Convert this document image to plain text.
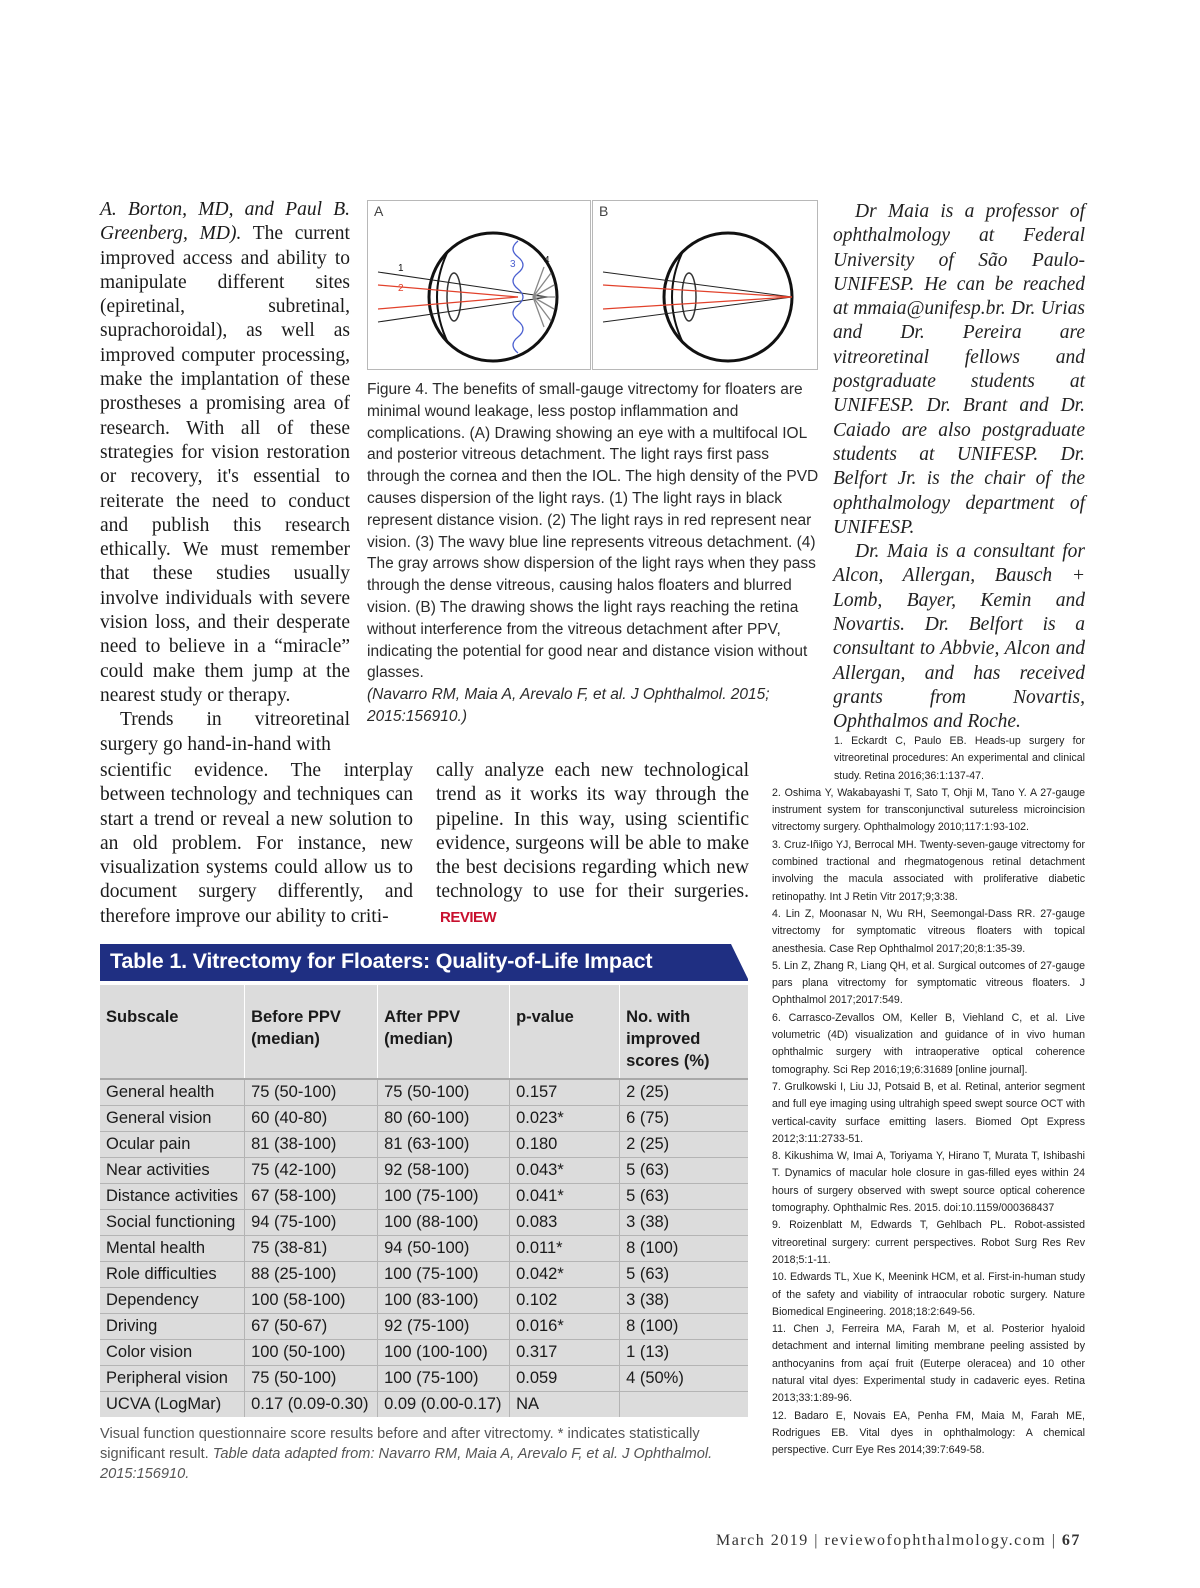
A. Borton, MD, and Paul B. Greenberg, MD). The current improved access and ability to manipulate different sites (epiretinal, subretinal, suprachoroidal), as well as improved computer processing, make the implantation of these prostheses a promising area of research. With all of these strategies for vision restoration or recovery, it's essential to reiterate the need to conduct and publish this research ethically. We must remember that these studies usually involve individuals with severe vision loss, and their desperate need to believe in a “miracle” could make them jump at the nearest study or therapy.

Trends in vitreoretinal surgery go hand-in-hand with

A
1
2
3	4
B
Figure 4. The benefits of small-gauge vitrectomy for floaters are minimal wound leakage, less postop inflammation and complications. (A) Drawing showing an eye with a multifocal IOL and posterior vitreous detachment. The light rays first pass through the cornea and then the IOL. The high density of the PVD causes dispersion of the light rays. (1) The light rays in black represent distance vision. (2) The light rays in red represent near vision. (3) The wavy blue line represents vitreous detachment. (4) The gray arrows show dispersion of the light rays when they pass through the dense vitreous, causing halos floaters and blurred vision. (B) The drawing shows the light rays reaching the retina without interference from the vitreous detachment after PPV, indicating the potential for good near and distance vision without glasses.
(Navarro RM, Maia A, Arevalo F, et al. J Ophthalmol. 2015; 2015:156910.)

Dr Maia is a professor of ophthalmology at Federal University of São Paulo-UNIFESP. He can be reached at mmaia@unifesp.br. Dr. Urias and Dr. Pereira are vitreoretinal fellows and postgraduate students at UNIFESP. Dr. Brant and Dr. Caiado are also postgraduate students at UNIFESP. Dr. Belfort Jr. is the chair of the ophthalmology department of UNIFESP.

Dr. Maia is a consultant for Alcon, Allergan, Bausch + Lomb, Bayer, Kemin and Novartis. Dr. Belfort is a consultant to Abbvie, Alcon and Allergan, and has received grants from Novartis, Ophthalmos and Roche.

1. Eckardt C, Paulo EB. Heads-up surgery for vitreoretinal procedures: An experimental and clinical study. Retina 2016;36:1:137-47.

2. Oshima Y, Wakabayashi T, Sato T, Ohji M, Tano Y. A 27-gauge instrument system for transconjunctival sutureless microincision vitrectomy surgery. Ophthalmology 2010;117:1:93-102.

3. Cruz-Iñigo YJ, Berrocal MH. Twenty-seven-gauge vitrectomy for combined tractional and rhegmatogenous retinal detachment involving the macula associated with proliferative diabetic retinopathy. Int J Retin Vitr 2017;9;3:38.

4. Lin Z, Moonasar N, Wu RH, Seemongal-Dass RR. 27-gauge vitrectomy for symptomatic vitreous floaters with topical anesthesia. Case Rep Ophthalmol 2017;20;8:1:35-39.

5. Lin Z, Zhang R, Liang QH, et al. Surgical outcomes of 27-gauge pars plana vitrectomy for symptomatic vitreous floaters. J Ophthalmol 2017;2017:549.

6. Carrasco-Zevallos OM, Keller B, Viehland C, et al. Live volumetric (4D) visualization and guidance of in vivo human ophthalmic surgery with intraoperative optical coherence tomography. Sci Rep 2016;19;6:31689 [online journal].

7. Grulkowski I, Liu JJ, Potsaid B, et al. Retinal, anterior segment and full eye imaging using ultrahigh speed swept source OCT with vertical-cavity surface emitting lasers. Biomed Opt Express 2012;3:11:2733-51.

8. Kikushima W, Imai A, Toriyama Y, Hirano T, Murata T, Ishibashi T. Dynamics of macular hole closure in gas-filled eyes within 24 hours of surgery observed with swept source optical coherence tomography. Ophthalmic Res. 2015. doi:10.1159/000368437

9. Roizenblatt M, Edwards T, Gehlbach PL. Robot-assisted vitreoretinal surgery: current perspectives. Robot Surg Res Rev 2018;5:1-11.

10. Edwards TL, Xue K, Meenink HCM, et al. First-in-human study of the safety and viability of intraocular robotic surgery. Nature Biomedical Engineering. 2018;18:2:649-56.

11. Chen J, Ferreira MA, Farah M, et al. Posterior hyaloid detachment and internal limiting membrane peeling assisted by anthocyanins from açaí fruit (Euterpe oleracea) and 10 other natural vital dyes: Experimental study in cadaveric eyes. Retina 2013;33:1:89-96.

12. Badaro E, Novais EA, Penha FM, Maia M, Farah ME, Rodrigues EB. Vital dyes in ophthalmology: A chemical perspective. Curr Eye Res 2014;39:7:649-58.

scientific evidence. The interplay between technology and techniques can start a trend or reveal a new solution to an old problem. For instance, new visualization systems could allow us to document surgery differently, and therefore improve our ability to criti-
cally analyze each new technological trend as it works its way through the pipeline. In this way, using scientific evidence, surgeons will be able to make the best decisions regarding which new technology to use for their surgeries. REVIEW
Table 1. Vitrectomy for Floaters: Quality-of-Life Impact
Subscale	Before PPV (median)	After PPV (median)	p-value	No. with improved scores (%)
General health	75 (50-100)	75 (50-100)	0.157	2 (25)
General vision	60 (40-80)	80 (60-100)	0.023*	6 (75)
Ocular pain	81 (38-100)	81 (63-100)	0.180	2 (25)
Near activities	75 (42-100)	92 (58-100)	0.043*	5 (63)
Distance activities	67 (58-100)	100 (75-100)	0.041*	5 (63)
Social functioning	94 (75-100)	100 (88-100)	0.083	3 (38)
Mental health	75 (38-81)	94 (50-100)	0.011*	8 (100)
Role difficulties	88 (25-100)	100 (75-100)	0.042*	5 (63)
Dependency	100 (58-100)	100 (83-100)	0.102	3 (38)
Driving	67 (50-67)	92 (75-100)	0.016*	8 (100)
Color vision	100 (50-100)	100 (100-100)	0.317	1 (13)
Peripheral vision	75 (50-100)	100 (75-100)	0.059	4 (50%)
UCVA (LogMar)	0.17 (0.09-0.30)	0.09 (0.00-0.17)	NA	
Visual function questionnaire score results before and after vitrectomy. * indicates statistically significant result. Table data adapted from: Navarro RM, Maia A, Arevalo F, et al. J Ophthalmol. 2015:156910.
March 2019 | reviewofophthalmology.com | 67
